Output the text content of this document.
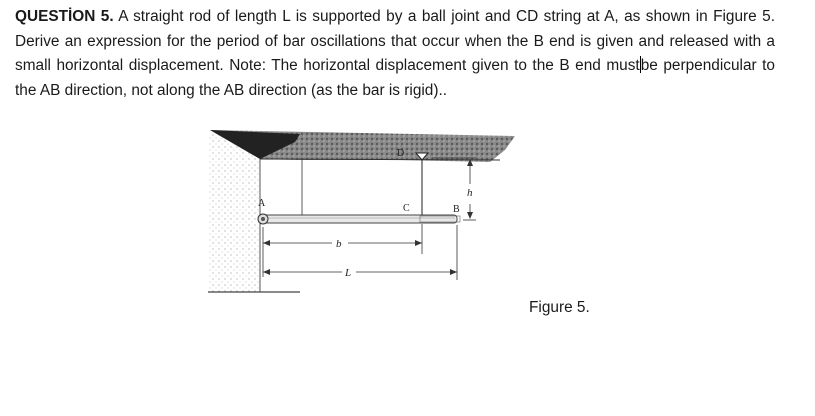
QUESTİON 5. A straight rod of length L is supported by a ball joint and CD string at A, as shown in Figure 5. Derive an expression for the period of bar oscillations that occur when the B end is given and released with a small horizontal displacement. Note: The horizontal displacement given to the B end mustbe perpendicular to the AB direction, not along the AB direction (as the bar is rigid)..
D
h
A	C	B
b
L
Figure 5.
